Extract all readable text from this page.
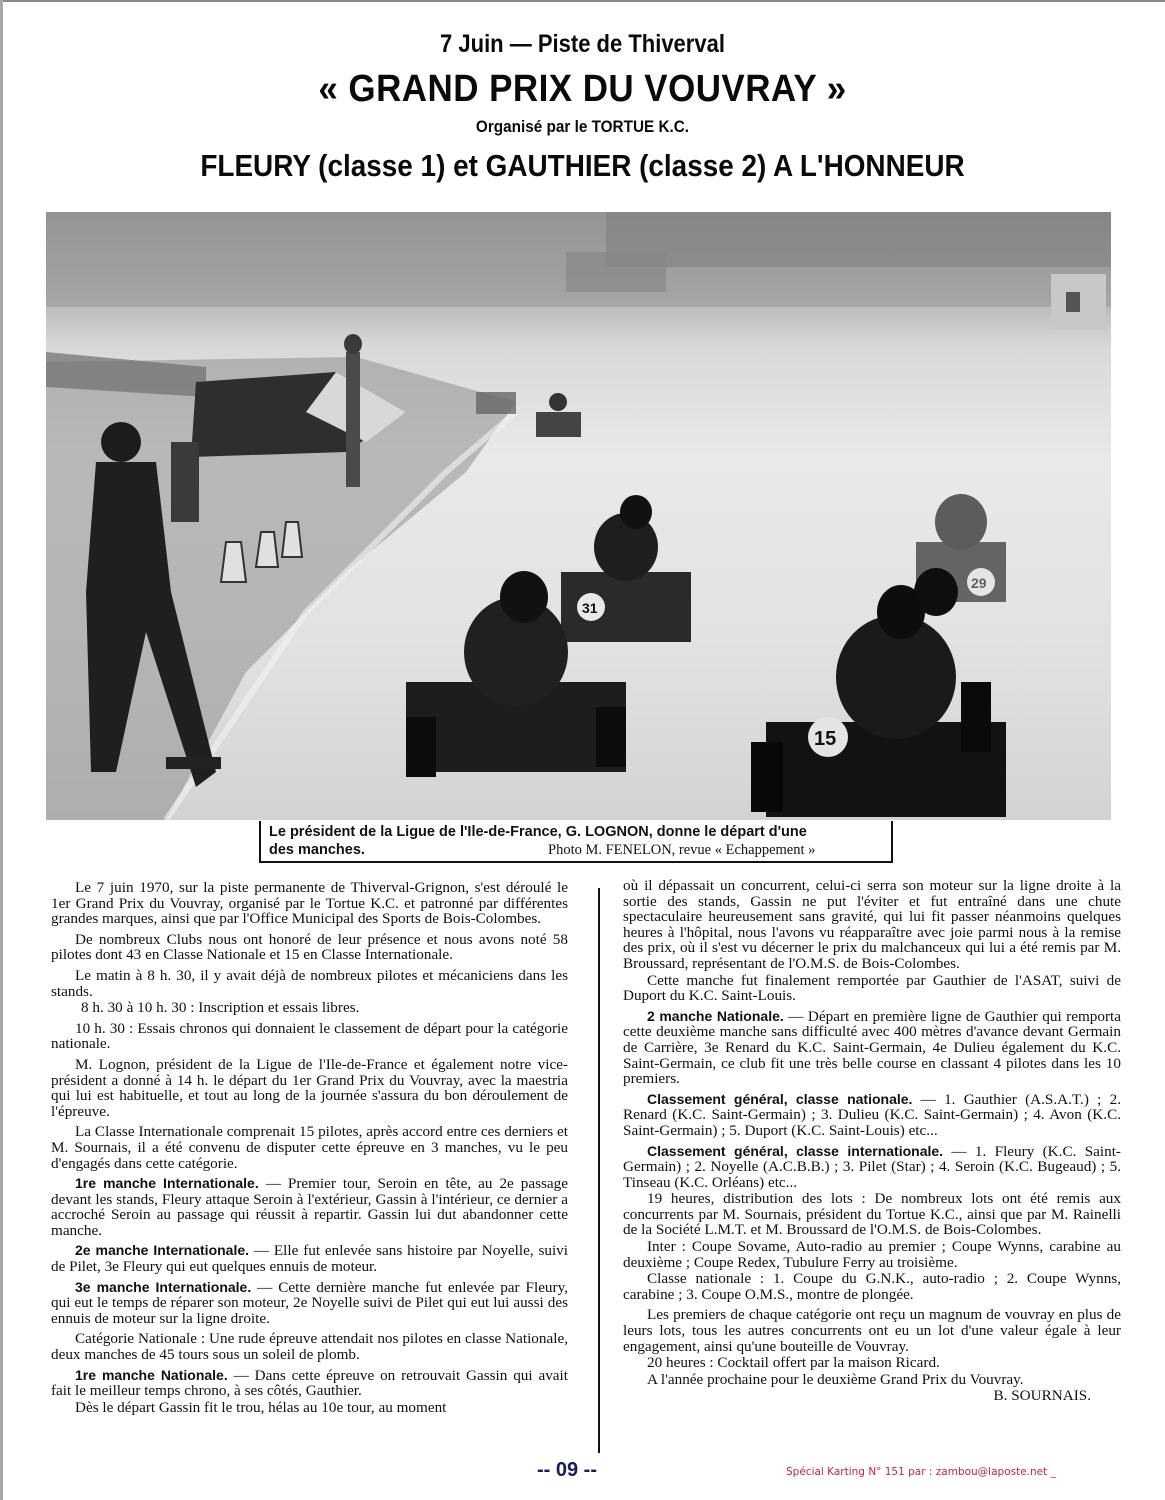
7 Juin — Piste de Thiverval
« GRAND PRIX DU VOUVRAY »
Organisé par le TORTUE K.C.
FLEURY (classe 1) et GAUTHIER (classe 2) A L'HONNEUR
31
29
15
Le président de la Ligue de l'Ile-de-France, G. LOGNON, donne le départ d'une
des manches.	Photo M. FENELON, revue « Echappement »

Le 7 juin 1970, sur la piste permanente de Thiverval-Grignon, s'est déroulé le 1er Grand Prix du Vouvray, organisé par le Tortue K.C. et patronné par différentes grandes marques, ainsi que par l'Office Municipal des Sports de Bois-Colombes.

De nombreux Clubs nous ont honoré de leur présence et nous avons noté 58 pilotes dont 43 en Classe Nationale et 15 en Classe Internationale.

Le matin à 8 h. 30, il y avait déjà de nombreux pilotes et mécaniciens dans les stands.

8 h. 30 à 10 h. 30 : Inscription et essais libres.

10 h. 30 : Essais chronos qui donnaient le classement de départ pour la catégorie nationale.

M. Lognon, président de la Ligue de l'Ile-de-France et également notre vice-président a donné à 14 h. le départ du 1er Grand Prix du Vouvray, avec la maestria qui lui est habituelle, et tout au long de la journée s'assura du bon déroulement de l'épreuve.

La Classe Internationale comprenait 15 pilotes, après accord entre ces derniers et M. Sournais, il a été convenu de disputer cette épreuve en 3 manches, vu le peu d'engagés dans cette catégorie.

1re manche Internationale. — Premier tour, Seroin en tête, au 2e passage devant les stands, Fleury attaque Seroin à l'extérieur, Gassin à l'intérieur, ce dernier a accroché Seroin au passage qui réussit à repartir. Gassin lui dut abandonner cette manche.

2e manche Internationale. — Elle fut enlevée sans histoire par Noyelle, suivi de Pilet, 3e Fleury qui eut quelques ennuis de moteur.

3e manche Internationale. — Cette dernière manche fut enlevée par Fleury, qui eut le temps de réparer son moteur, 2e Noyelle suivi de Pilet qui eut lui aussi des ennuis de moteur sur la ligne droite.

Catégorie Nationale : Une rude épreuve attendait nos pilotes en classe Nationale, deux manches de 45 tours sous un soleil de plomb.

1re manche Nationale. — Dans cette épreuve on retrouvait Gassin qui avait fait le meilleur temps chrono, à ses côtés, Gauthier.

Dès le départ Gassin fit le trou, hélas au 10e tour, au moment

où il dépassait un concurrent, celui-ci serra son moteur sur la ligne droite à la sortie des stands, Gassin ne put l'éviter et fut entraîné dans une chute spectaculaire heureusement sans gravité, qui lui fit passer néanmoins quelques heures à l'hôpital, nous l'avons vu réapparaître avec joie parmi nous à la remise des prix, où il s'est vu décerner le prix du malchanceux qui lui a été remis par M. Broussard, représentant de l'O.M.S. de Bois-Colombes.

Cette manche fut finalement remportée par Gauthier de l'ASAT, suivi de Duport du K.C. Saint-Louis.

2 manche Nationale. — Départ en première ligne de Gauthier qui remporta cette deuxième manche sans difficulté avec 400 mètres d'avance devant Germain de Carrière, 3e Renard du K.C. Saint-Germain, 4e Dulieu également du K.C. Saint-Germain, ce club fit une très belle course en classant 4 pilotes dans les 10 premiers.

Classement général, classe nationale. — 1. Gauthier (A.S.A.T.) ; 2. Renard (K.C. Saint-Germain) ; 3. Dulieu (K.C. Saint-Germain) ; 4. Avon (K.C. Saint-Germain) ; 5. Duport (K.C. Saint-Louis) etc...

Classement général, classe internationale. — 1. Fleury (K.C. Saint-Germain) ; 2. Noyelle (A.C.B.B.) ; 3. Pilet (Star) ; 4. Seroin (K.C. Bugeaud) ; 5. Tinseau (K.C. Orléans) etc...

19 heures, distribution des lots : De nombreux lots ont été remis aux concurrents par M. Sournais, président du Tortue K.C., ainsi que par M. Rainelli de la Société L.M.T. et M. Broussard de l'O.M.S. de Bois-Colombes.

Inter : Coupe Sovame, Auto-radio au premier ; Coupe Wynns, carabine au deuxième ; Coupe Redex, Tubulure Ferry au troisième.

Classe nationale : 1. Coupe du G.N.K., auto-radio ; 2. Coupe Wynns, carabine ; 3. Coupe O.M.S., montre de plongée.

Les premiers de chaque catégorie ont reçu un magnum de vouvray en plus de leurs lots, tous les autres concurrents ont eu un lot d'une valeur égale à leur engagement, ainsi qu'une bouteille de Vouvray.

20 heures : Cocktail offert par la maison Ricard.

A l'année prochaine pour le deuxième Grand Prix du Vouvray.

B. SOURNAIS.

-- 09 --	Spécial Karting N° 151 par : zambou@laposte.net _
